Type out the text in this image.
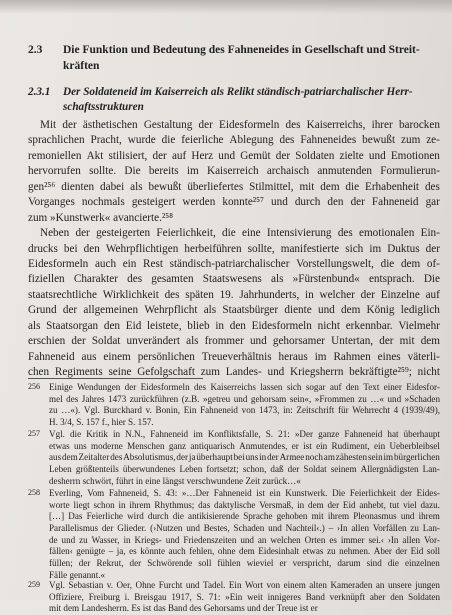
2.3 Die Funktion und Bedeutung des Fahneneides in Gesellschaft und Streit-
kräften
2.3.1 Der Soldateneid im Kaiserreich als Relikt ständisch-patriarchalischer Herr-
schaftsstrukturen
Mit der ästhetischen Gestaltung der Eidesformeln des Kaiserreichs, ihrer barocken
sprachlichen Pracht, wurde die feierliche Ablegung des Fahneneides bewußt zum ze-
remoniellen Akt stilisiert, der auf Herz und Gemüt der Soldaten zielte und Emotionen
hervorrufen sollte. Die bereits im Kaiserreich archaisch anmutenden Formulierun-
gen²⁵⁶ dienten dabei als bewußt überliefertes Stilmittel, mit dem die Erhabenheit des
Vorganges nochmals gesteigert werden konnte²⁵⁷ und durch den der Fahneneid gar
zum »Kunstwerk« avancierte.²⁵⁸
Neben der gesteigerten Feierlichkeit, die eine Intensivierung des emotionalen Ein-
drucks bei den Wehrpflichtigen herbeiführen sollte, manifestierte sich im Duktus der
Eidesformeln auch ein Rest ständisch-patriarchalischer Vorstellungswelt, die dem of-
fiziellen Charakter des gesamten Staatswesens als »Fürstenbund« entsprach. Die
staatsrechtliche Wirklichkeit des späten 19. Jahrhunderts, in welcher der Einzelne auf
Grund der allgemeinen Wehrpflicht als Staatsbürger diente und dem König lediglich
als Staatsorgan den Eid leistete, blieb in den Eidesformeln nicht erkennbar. Vielmehr
erschien der Soldat unverändert als frommer und gehorsamer Untertan, der mit dem
Fahneneid aus einem persönlichen Treueverhältnis heraus im Rahmen eines väterli-
chen Regiments seine Gefolgschaft zum Landes- und Kriegsherrn bekräftigte²⁵⁹; nicht
256 Einige Wendungen der Eidesformeln des Kaiserreichs lassen sich sogar auf den Text einer Eidesfor-
mel des Jahres 1473 zurückführen (z.B. »getreu und gehorsam sein«, »Frommen zu …« und »Schaden
zu …«). Vgl. Burckhard v. Bonin, Ein Fahneneid von 1473, in: Zeitschrift für Wehrrecht 4 (1939/49),
H. 3/4, S. 157 f., hier S. 157.
257 Vgl. die Kritik in N.N., Fahneneid im Konfliktsfalle, S. 21: »Der ganze Fahneneid hat überhaupt
etwas uns moderne Menschen ganz antiquarisch Anmutendes, er ist ein Rudiment, ein Ueberbleibsel
aus dem Zeitalter des Absolutismus, der ja überhaupt bei uns in der Armee noch am zähesten sein im bürgerlichen
Leben größtenteils überwundenes Leben fortsetzt; schon, daß der Soldat seinem Allergnädigsten Lan-
desherrn schwört, führt in eine längst verschwundene Zeit zurück…«
258 Everling, Vom Fahneneid, S. 43: »…Der Fahneneid ist ein Kunstwerk. Die Feierlichkeit der Eides-
worte liegt schon in ihrem Rhythmus; das daktylische Versmaß, in dem der Eid anhebt, tut viel dazu.
[…] Das Feierliche wird durch die antikisierende Sprache gehoben mit ihrem Pleonasmus und ihrem
Parallelismus der Glieder. (›Nutzen und Bestes, Schaden und Nachteil‹.) – ›In allen Vorfällen zu Lan-
de und zu Wasser, in Kriegs- und Friedenszeiten und an welchen Orten es immer sei.‹ ›In allen Vor-
fällen‹ genügte – ja, es könnte auch fehlen, ohne dem Eidesinhalt etwas zu nehmen. Aber der Eid soll
füllen; der Rekrut, der Schwörende soll fühlen wieviel er verspricht, darum sind die einzelnen
Fälle genannt.«
259 Vgl. Sebastian v. Oer, Ohne Furcht und Tadel. Ein Wort von einem alten Kameraden an unsere jungen
Offiziere, Freiburg i. Breisgau 1917, S. 71: »Ein weit innigeres Band verknüpft aber den Soldaten
mit dem Landesherrn. Es ist das Band des Gehorsams und der Treue ist er
